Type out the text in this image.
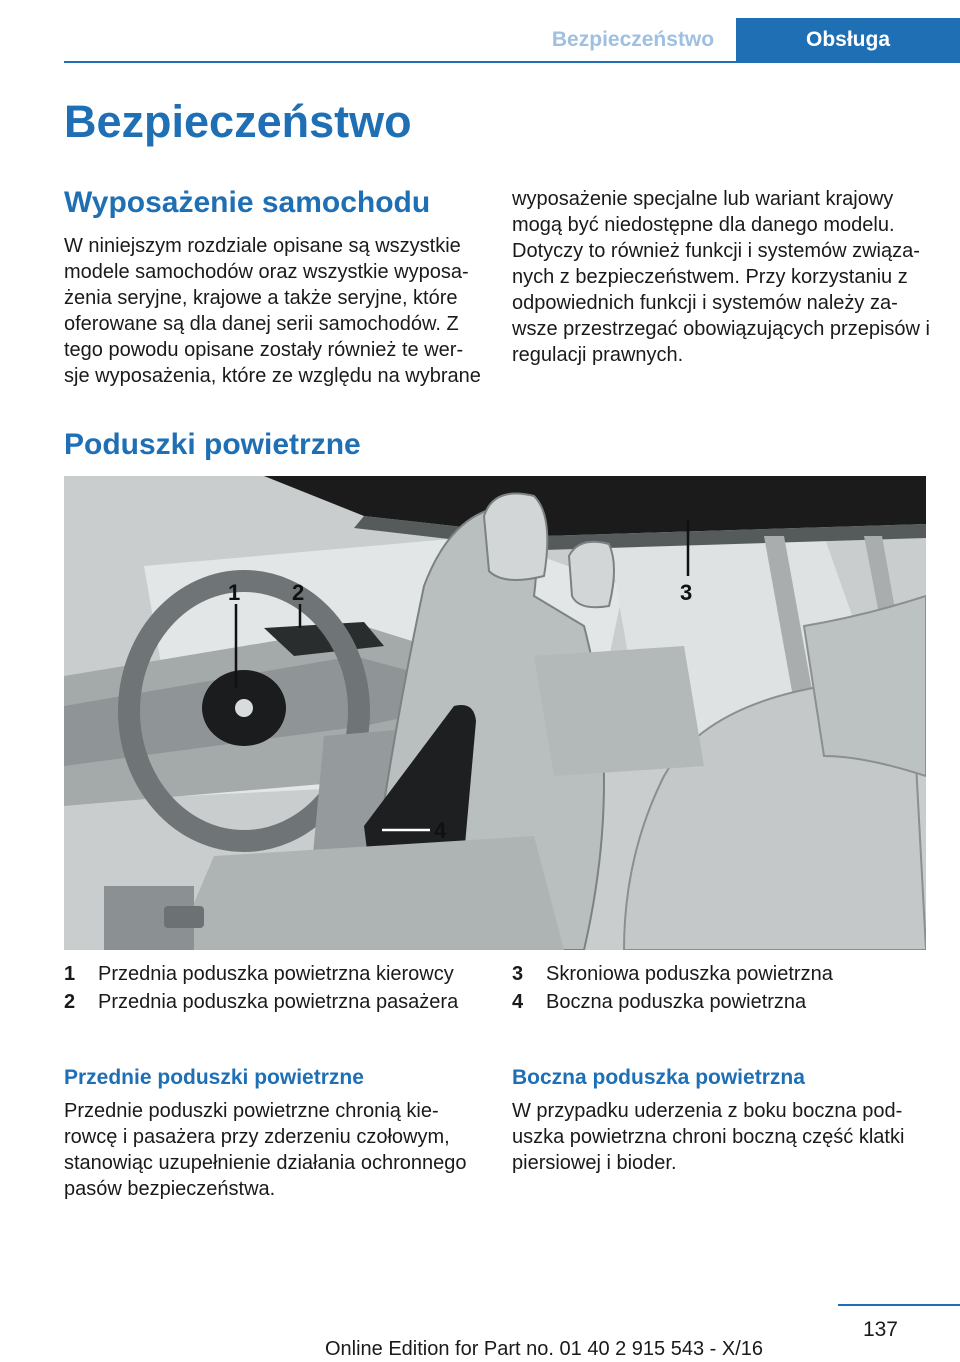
Bezpieczeństwo	Obsługa
Bezpieczeństwo
Wyposażenie samochodu
W niniejszym rozdziale opisane są wszystkie
modele samochodów oraz wszystkie wyposa‐
żenia seryjne, krajowe a także seryjne, które
oferowane są dla danej serii samochodów. Z
tego powodu opisane zostały również te wer‐
sje wyposażenia, które ze względu na wybrane
wyposażenie specjalne lub wariant krajowy
mogą być niedostępne dla danego modelu.
Dotyczy to również funkcji i systemów związa‐
nych z bezpieczeństwem. Przy korzystaniu z
odpowiednich funkcji i systemów należy za‐
wsze przestrzegać obowiązujących przepisów i
regulacji prawnych.
Poduszki powietrzne
1 2	3
4
1	Przednia poduszka powietrzna kierowcy
2	Przednia poduszka powietrzna pasażera
3	Skroniowa poduszka powietrzna
4	Boczna poduszka powietrzna
Przednie poduszki powietrzne
Przednie poduszki powietrzne chronią kie‐
rowcę i pasażera przy zderzeniu czołowym,
stanowiąc uzupełnienie działania ochronnego
pasów bezpieczeństwa.
Boczna poduszka powietrzna
W przypadku uderzenia z boku boczna pod‐
uszka powietrzna chroni boczną część klatki
piersiowej i bioder.
137
Online Edition for Part no. 01 40 2 915 543 - X/16
